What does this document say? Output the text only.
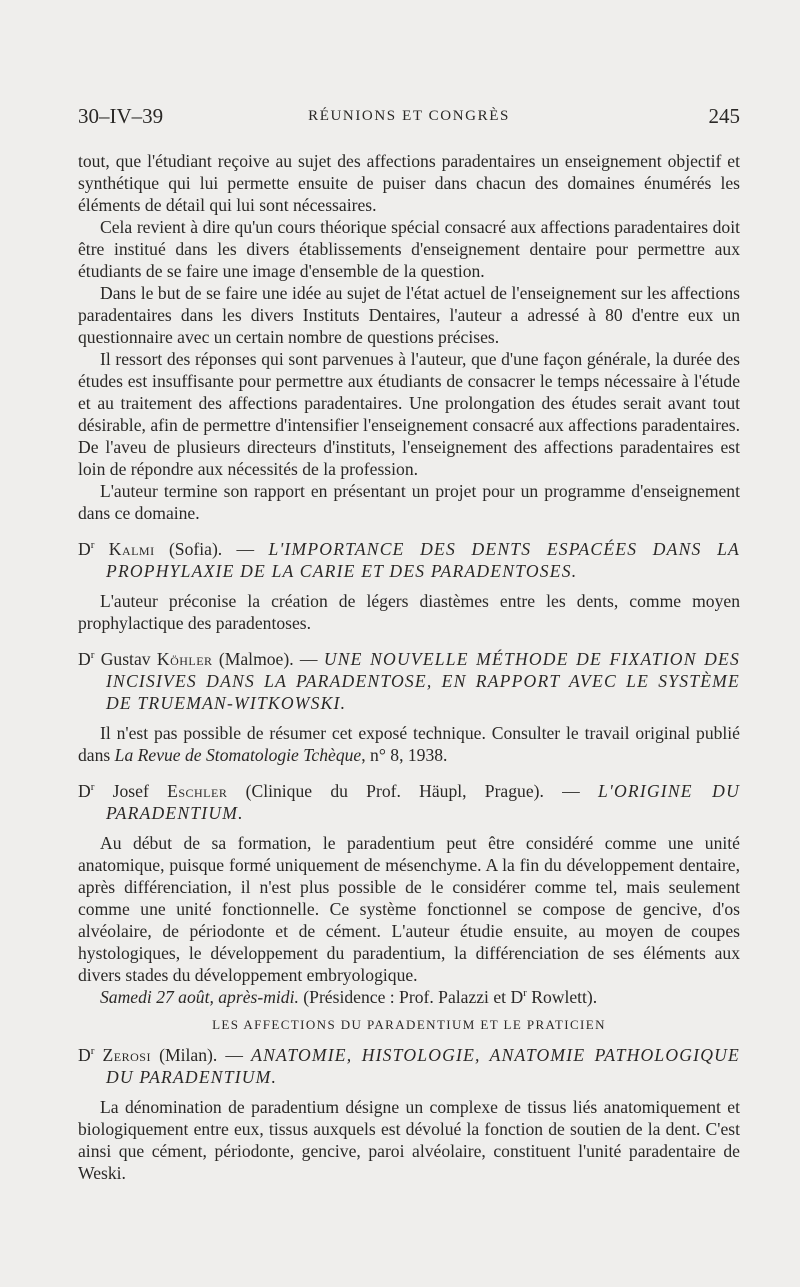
30–IV–39	RÉUNIONS ET CONGRÈS	245

tout, que l'étudiant reçoive au sujet des affections paradentaires un enseignement objectif et synthétique qui lui permette ensuite de puiser dans chacun des domaines énumérés les éléments de détail qui lui sont nécessaires.

Cela revient à dire qu'un cours théorique spécial consacré aux affections paradentaires doit être institué dans les divers établissements d'enseignement dentaire pour permettre aux étudiants de se faire une image d'ensemble de la question.

Dans le but de se faire une idée au sujet de l'état actuel de l'enseignement sur les affections paradentaires dans les divers Instituts Dentaires, l'auteur a adressé à 80 d'entre eux un questionnaire avec un certain nombre de questions précises.

Il ressort des réponses qui sont parvenues à l'auteur, que d'une façon générale, la durée des études est insuffisante pour permettre aux étudiants de consacrer le temps nécessaire à l'étude et au traitement des affections paradentaires. Une prolongation des études serait avant tout désirable, afin de permettre d'intensifier l'enseignement consacré aux affections paradentaires. De l'aveu de plusieurs directeurs d'instituts, l'enseignement des affections paradentaires est loin de répondre aux nécessités de la profession.

L'auteur termine son rapport en présentant un projet pour un programme d'enseignement dans ce domaine.

$D^r$ Kalmi (Sofia). — L'IMPORTANCE DES DENTS ESPACÉES DANS LA PROPHYLAXIE DE LA CARIE ET DES PARADENTOSES.

L'auteur préconise la création de légers diastèmes entre les dents, comme moyen prophylactique des paradentoses.

$D^r$ Gustav Köhler (Malmoe). — UNE NOUVELLE MÉTHODE DE FIXATION DES INCISIVES DANS LA PARADENTOSE, EN RAPPORT AVEC LE SYSTÈME DE TRUEMAN-WITKOWSKI.

Il n'est pas possible de résumer cet exposé technique. Consulter le travail original publié dans La Revue de Stomatologie Tchèque, n° 8, 1938.

$D^r$ Josef Eschler (Clinique du Prof. Häupl, Prague). — L'ORIGINE DU PARADENTIUM.

Au début de sa formation, le paradentium peut être considéré comme une unité anatomique, puisque formé uniquement de mésenchyme. A la fin du développement dentaire, après différenciation, il n'est plus possible de le considérer comme tel, mais seulement comme une unité fonctionnelle. Ce système fonctionnel se compose de gencive, d'os alvéolaire, de périodonte et de cément. L'auteur étudie ensuite, au moyen de coupes hystologiques, le développement du paradentium, la différenciation de ses éléments aux divers stades du développement embryologique.

Samedi 27 août, après-midi. (Présidence : Prof. Palazzi et $D^r$ Rowlett).

LES AFFECTIONS DU PARADENTIUM ET LE PRATICIEN

$D^r$ Zerosi (Milan). — ANATOMIE, HISTOLOGIE, ANATOMIE PATHOLOGIQUE DU PARADENTIUM.

La dénomination de paradentium désigne un complexe de tissus liés anatomiquement et biologiquement entre eux, tissus auxquels est dévolué la fonction de soutien de la dent. C'est ainsi que cément, périodonte, gencive, paroi alvéolaire, constituent l'unité paradentaire de Weski.
